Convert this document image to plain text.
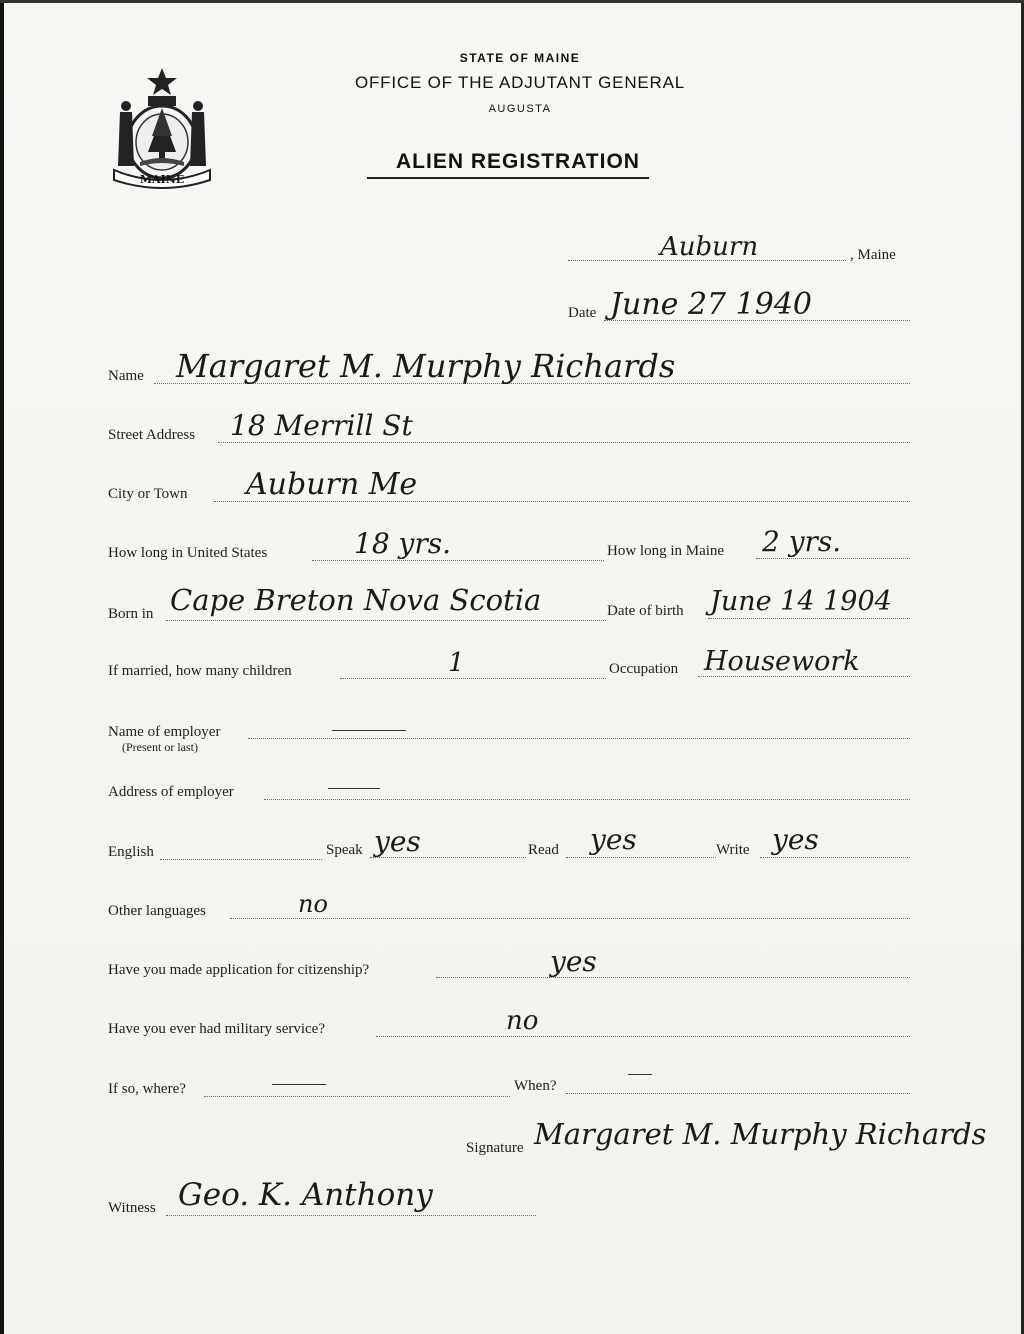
MAINE
STATE OF MAINE
OFFICE OF THE ADJUTANT GENERAL
AUGUSTA
ALIEN REGISTRATION
Auburn	, Maine
Date June 27 1940
Name Margaret M. Murphy Richards
Street Address 18 Merrill St
City or Town Auburn Me
How long in United States	18 yrs.	How long in Maine 2 yrs.
Born in Cape Breton Nova Scotia	Date of birth June 14 1904
If married, how many children	1	Occupation Housework
Name of employer
(Present or last)
Address of employer
English	Speak yes	Read yes	Write yes
Other languages	no
Have you made application for citizenship?	yes
Have you ever had military service?	no
If so, where?	When?
Signature Margaret M. Murphy Richards
Witness Geo. K. Anthony
